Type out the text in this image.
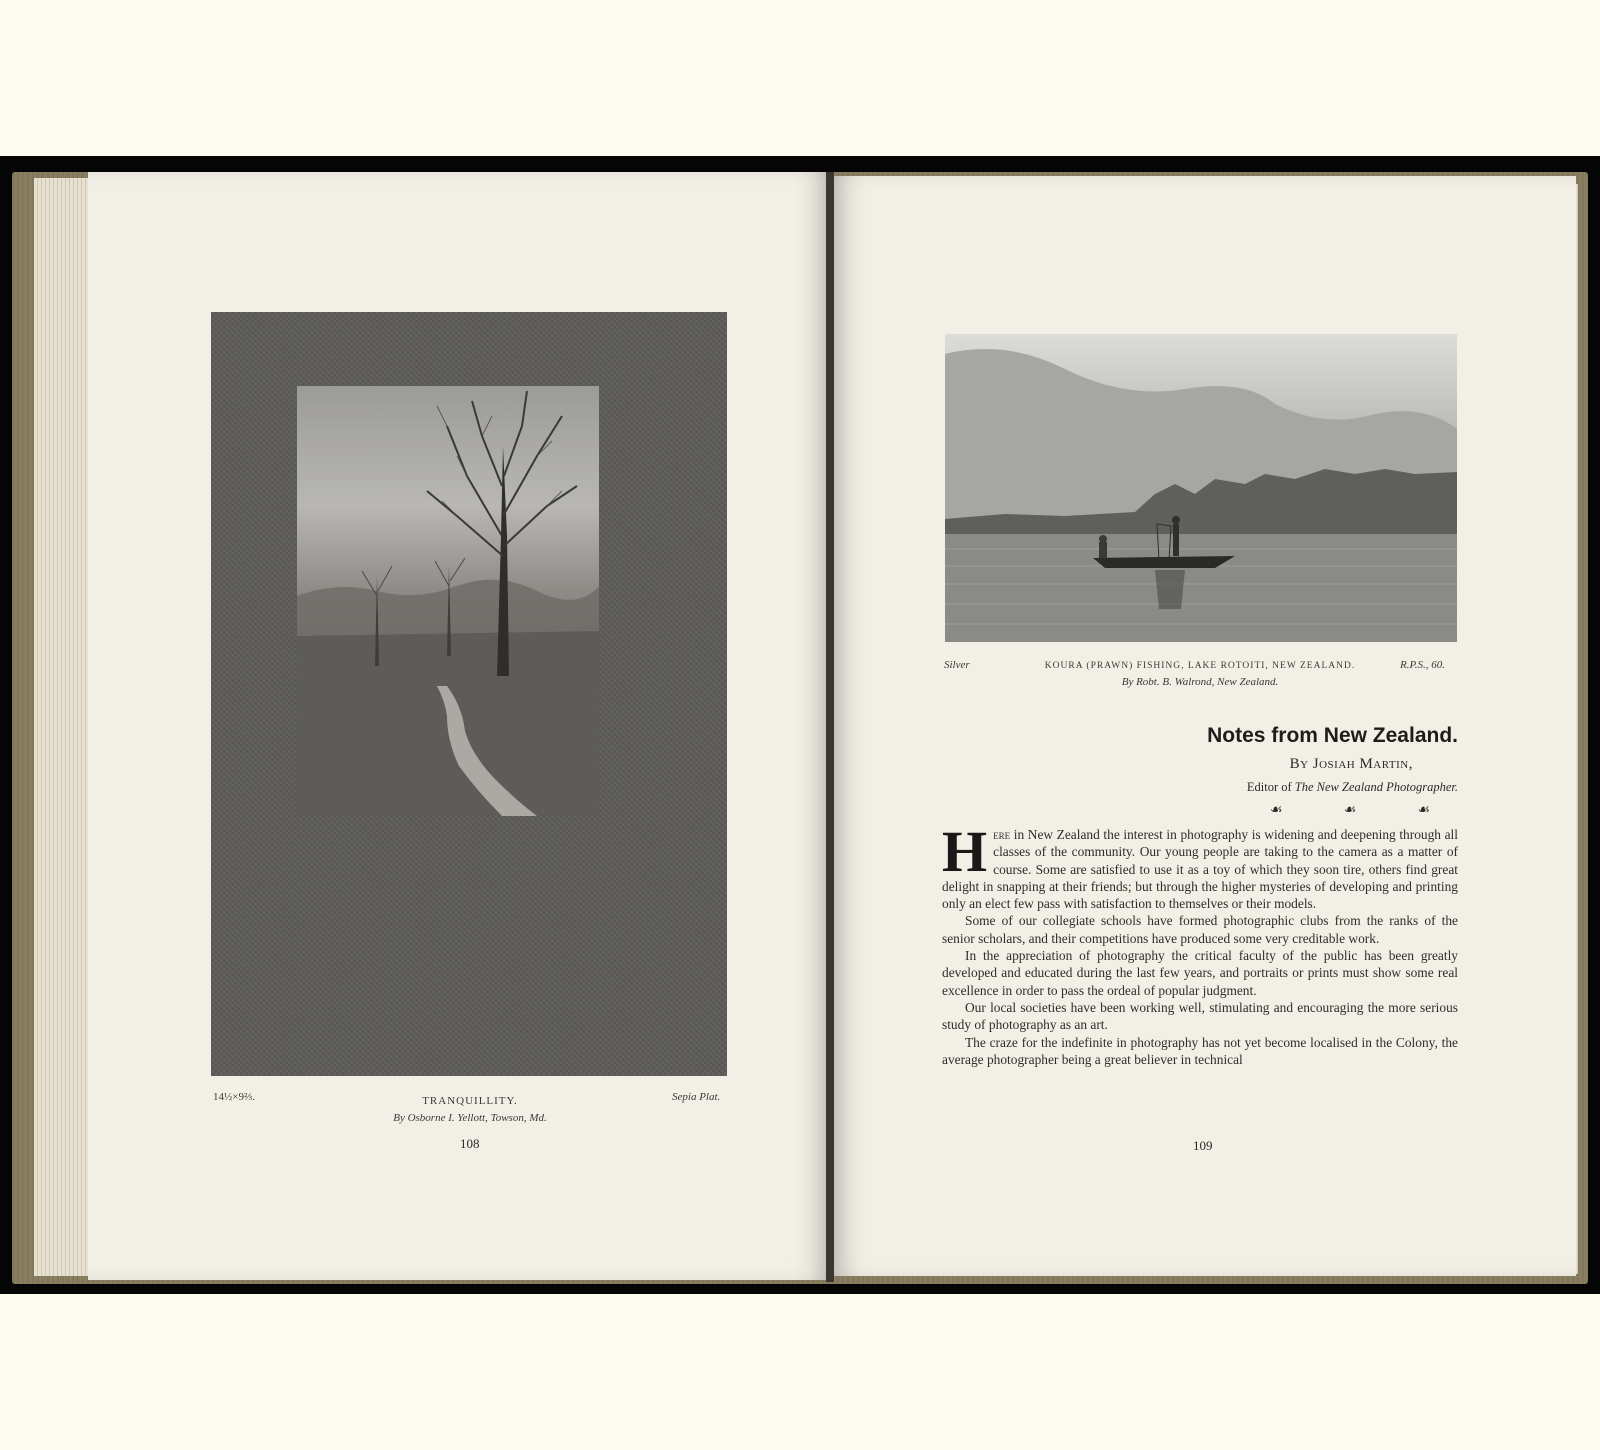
14½×9⅔.	TRANQUILLITY.	Sepia Plat.
By Osborne I. Yellott, Towson, Md.
108
Silver	KOURA (PRAWN) FISHING, LAKE ROTOITI, NEW ZEALAND.	R.P.S., 60.
By Robt. B. Walrond, New Zealand.
Notes from New Zealand.
By Josiah Martin,
Editor of The New Zealand Photographer.
☙	☙	☙

Here in New Zealand the interest in photography is widening and deepening through all classes of the community. Our young people are taking to the camera as a matter of course. Some are satisfied to use it as a toy of which they soon tire, others find great delight in snapping at their friends; but through the higher mysteries of developing and printing only an elect few pass with satisfaction to themselves or their models.

Some of our collegiate schools have formed photographic clubs from the ranks of the senior scholars, and their competitions have produced some very creditable work.

In the appreciation of photography the critical faculty of the public has been greatly developed and educated during the last few years, and portraits or prints must show some real excellence in order to pass the ordeal of popular judgment.

Our local societies have been working well, stimulating and encouraging the more serious study of photography as an art.

The craze for the indefinite in photography has not yet become localised in the Colony, the average photographer being a great believer in technical

109
